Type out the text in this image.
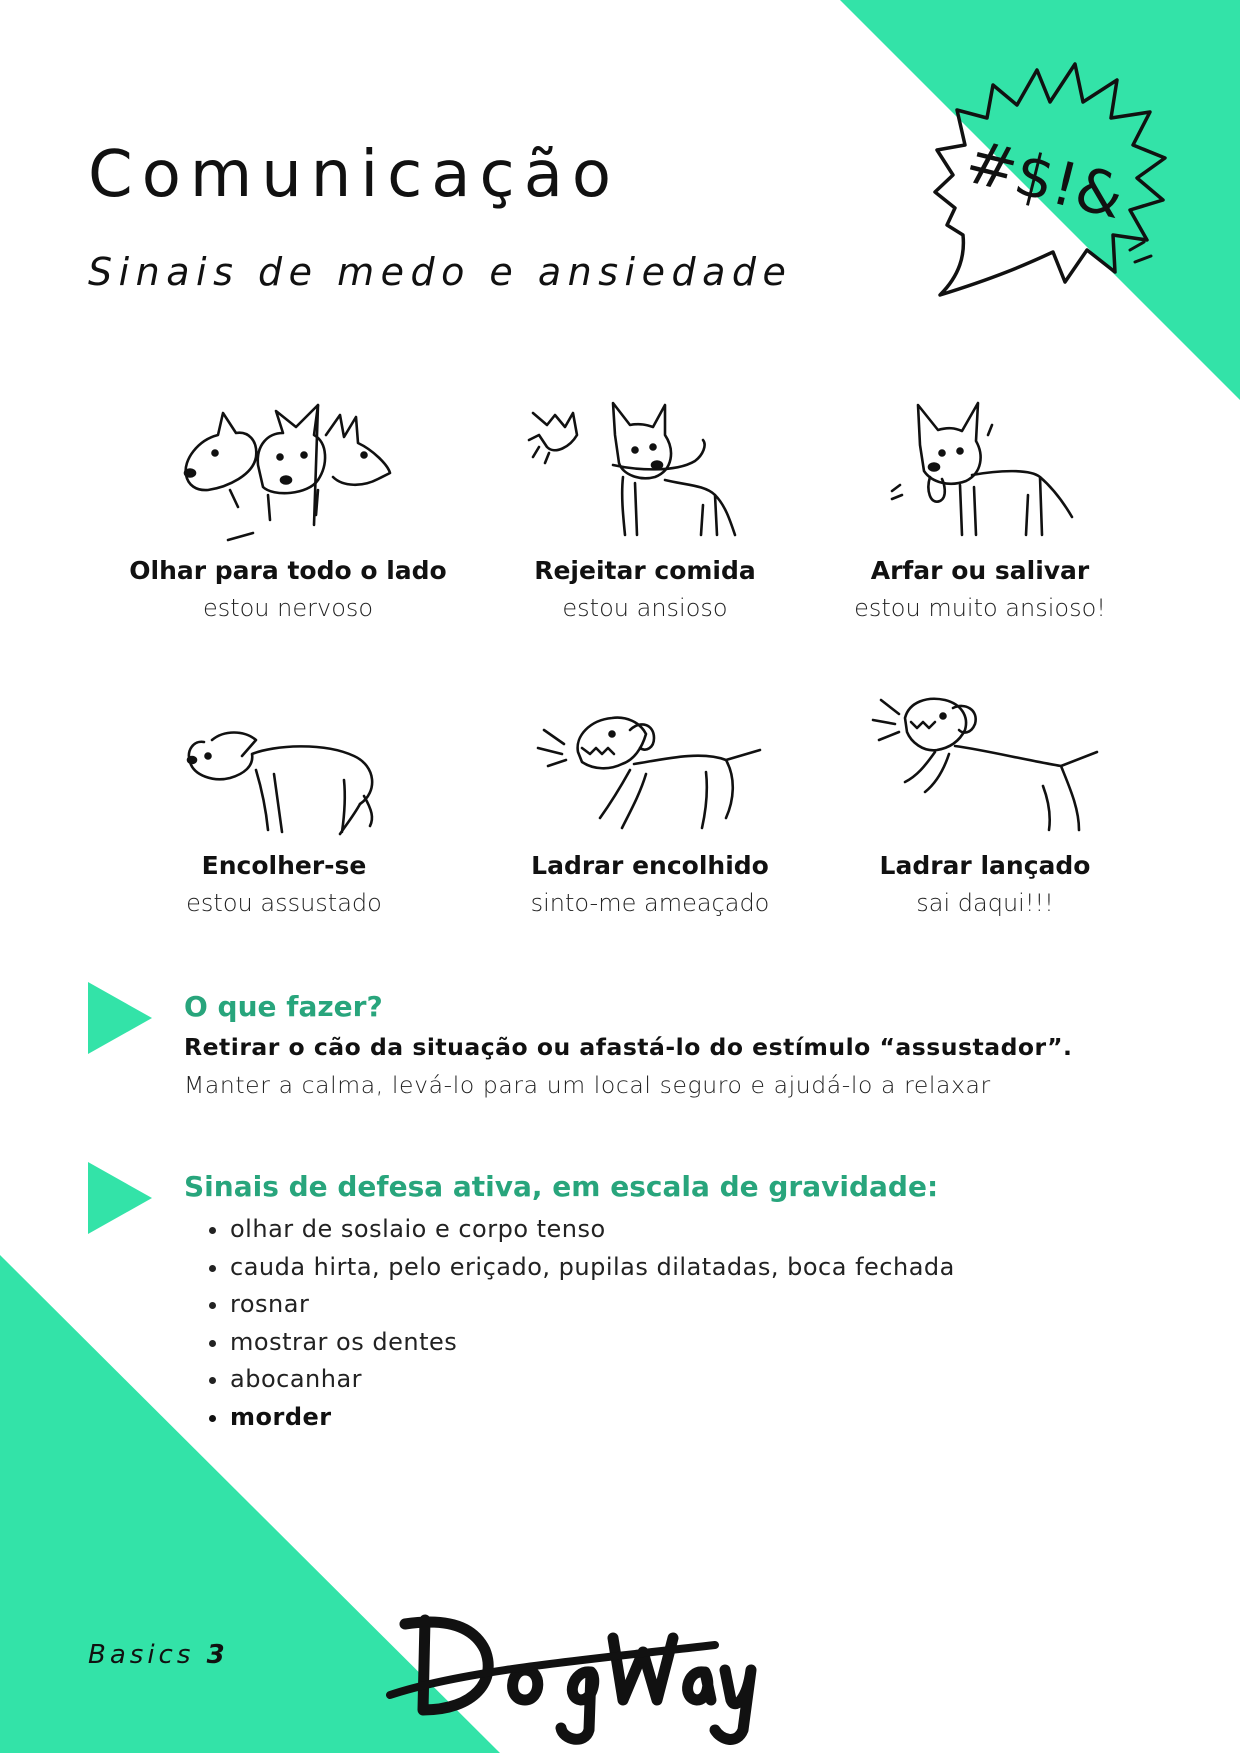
Comunicação
Sinais de medo e ansiedade
#$!&
Olhar para todo o lado
estou nervoso
Rejeitar comida
estou ansioso
Arfar ou salivar
estou muito ansioso!
Encolher-se
estou assustado
Ladrar encolhido
sinto-me ameaçado
Ladrar lançado
sai daqui!!!
O que fazer?
Retirar o cão da situação ou afastá-lo do estímulo “assustador”.
Manter a calma, levá-lo para um local seguro e ajudá-lo a relaxar
Sinais de defesa ativa, em escala de gravidade:
• olhar de soslaio e corpo tenso
• cauda hirta, pelo eriçado, pupilas dilatadas, boca fechada
• rosnar
• mostrar os dentes
• abocanhar
• morder
Basics 3
